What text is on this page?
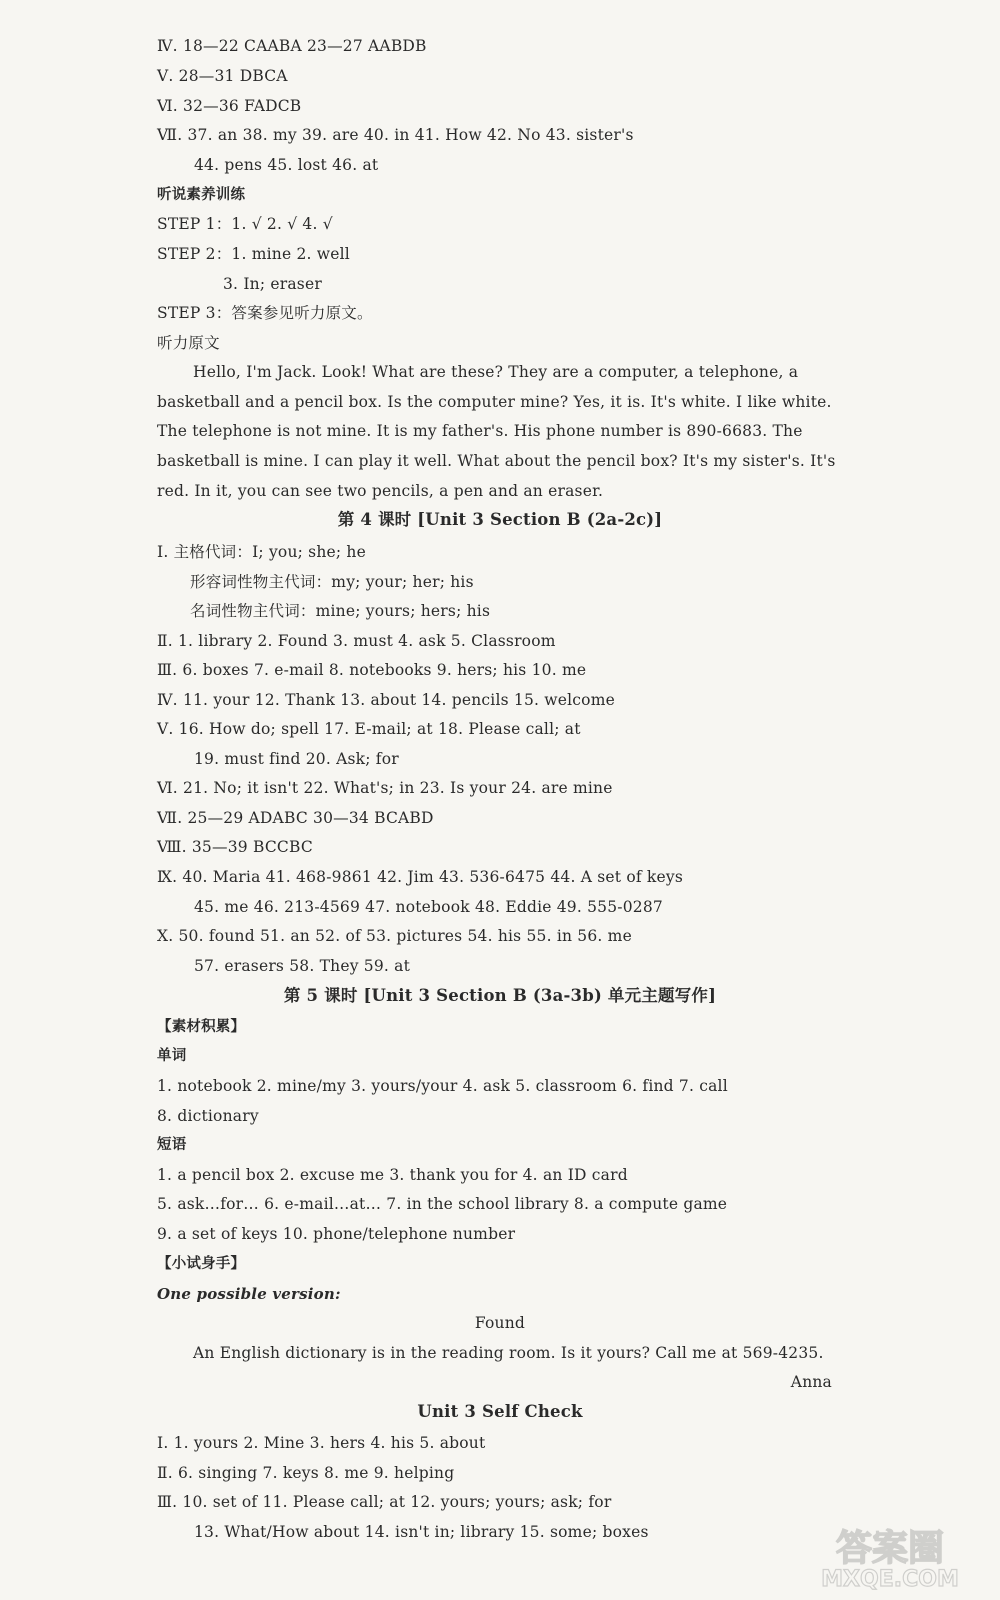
Ⅳ. 18—22 CAABA 23—27 AABDB
Ⅴ. 28—31 DBCA
Ⅵ. 32—36 FADCB
Ⅶ. 37. an 38. my 39. are 40. in 41. How 42. No 43. sister's
44. pens 45. lost 46. at
听说素养训练
STEP 1：1. √ 2. √ 4. √
STEP 2：1. mine 2. well
3. In; eraser
STEP 3：答案参见听力原文。
听力原文
Hello, I'm Jack. Look! What are these? They are a computer, a telephone, a
basketball and a pencil box. Is the computer mine? Yes, it is. It's white. I like white.
The telephone is not mine. It is my father's. His phone number is 890-6683. The
basketball is mine. I can play it well. What about the pencil box? It's my sister's. It's
red. In it, you can see two pencils, a pen and an eraser.
第 4 课时 [Unit 3 Section B (2a-2c)]
Ⅰ. 主格代词：I; you; she; he
形容词性物主代词：my; your; her; his
名词性物主代词：mine; yours; hers; his
Ⅱ. 1. library 2. Found 3. must 4. ask 5. Classroom
Ⅲ. 6. boxes 7. e-mail 8. notebooks 9. hers; his 10. me
Ⅳ. 11. your 12. Thank 13. about 14. pencils 15. welcome
Ⅴ. 16. How do; spell 17. E-mail; at 18. Please call; at
19. must find 20. Ask; for
Ⅵ. 21. No; it isn't 22. What's; in 23. Is your 24. are mine
Ⅶ. 25—29 ADABC 30—34 BCABD
Ⅷ. 35—39 BCCBC
Ⅸ. 40. Maria 41. 468-9861 42. Jim 43. 536-6475 44. A set of keys
45. me 46. 213-4569 47. notebook 48. Eddie 49. 555-0287
Ⅹ. 50. found 51. an 52. of 53. pictures 54. his 55. in 56. me
57. erasers 58. They 59. at
第 5 课时 [Unit 3 Section B (3a-3b) 单元主题写作]
【素材积累】
单词
1. notebook 2. mine/my 3. yours/your 4. ask 5. classroom 6. find 7. call
8. dictionary
短语
1. a pencil box 2. excuse me 3. thank you for 4. an ID card
5. ask…for… 6. e-mail…at… 7. in the school library 8. a compute game
9. a set of keys 10. phone/telephone number
【小试身手】
One possible version:
Found
An English dictionary is in the reading room. Is it yours? Call me at 569-4235.
Anna
Unit 3 Self Check
Ⅰ. 1. yours 2. Mine 3. hers 4. his 5. about
Ⅱ. 6. singing 7. keys 8. me 9. helping
Ⅲ. 10. set of 11. Please call; at 12. yours; yours; ask; for
13. What/How about 14. isn't in; library 15. some; boxes	答案圈
MXQE.COM
